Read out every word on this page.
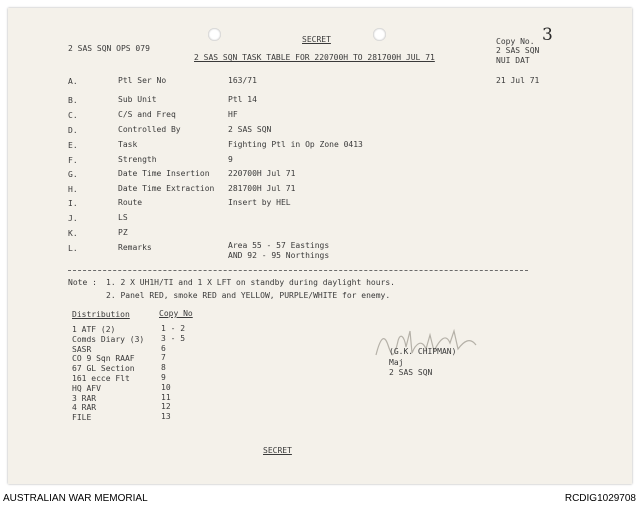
2 SAS SQN OPS 079
SECRET
2 SAS SQN TASK TABLE FOR 220700H TO 281700H JUL 71
Copy No. 3
2 SAS SQN
NUI DAT
21 Jul 71
A.	Ptl Ser No	163/71
B.	Sub Unit	Ptl 14
C.	C/S and Freq	HF
D.	Controlled By	2 SAS SQN
E.	Task	Fighting Ptl in Op Zone 0413
F.	Strength	9
G.	Date Time Insertion 220700H Jul 71
H.	Date Time Extraction 281700H Jul 71
I.	Route	Insert by HEL
J.	LS
K.	PZ
L.	Remarks	Area 55 - 57 Eastings
AND 92 - 95 Northings
Note : 1. 2 X UH1H/TI and 1 X LFT on standby during daylight hours.
2. Panel RED, smoke RED and YELLOW, PURPLE/WHITE for enemy.
Distribution	Copy No
1 ATF (2)	1 - 2
Comds Diary (3) 3 - 5
SASR	6
CO 9 Sqn RAAF	7
67 GL Section	8
161 ecce Flt	9
HQ AFV	10
3 RAR	11
4 RAR	12
FILE	13
(G.K. CHIPMAN)
Maj
2 SAS SQN
SECRET
AUSTRALIAN WAR MEMORIAL	RCDIG1029708
